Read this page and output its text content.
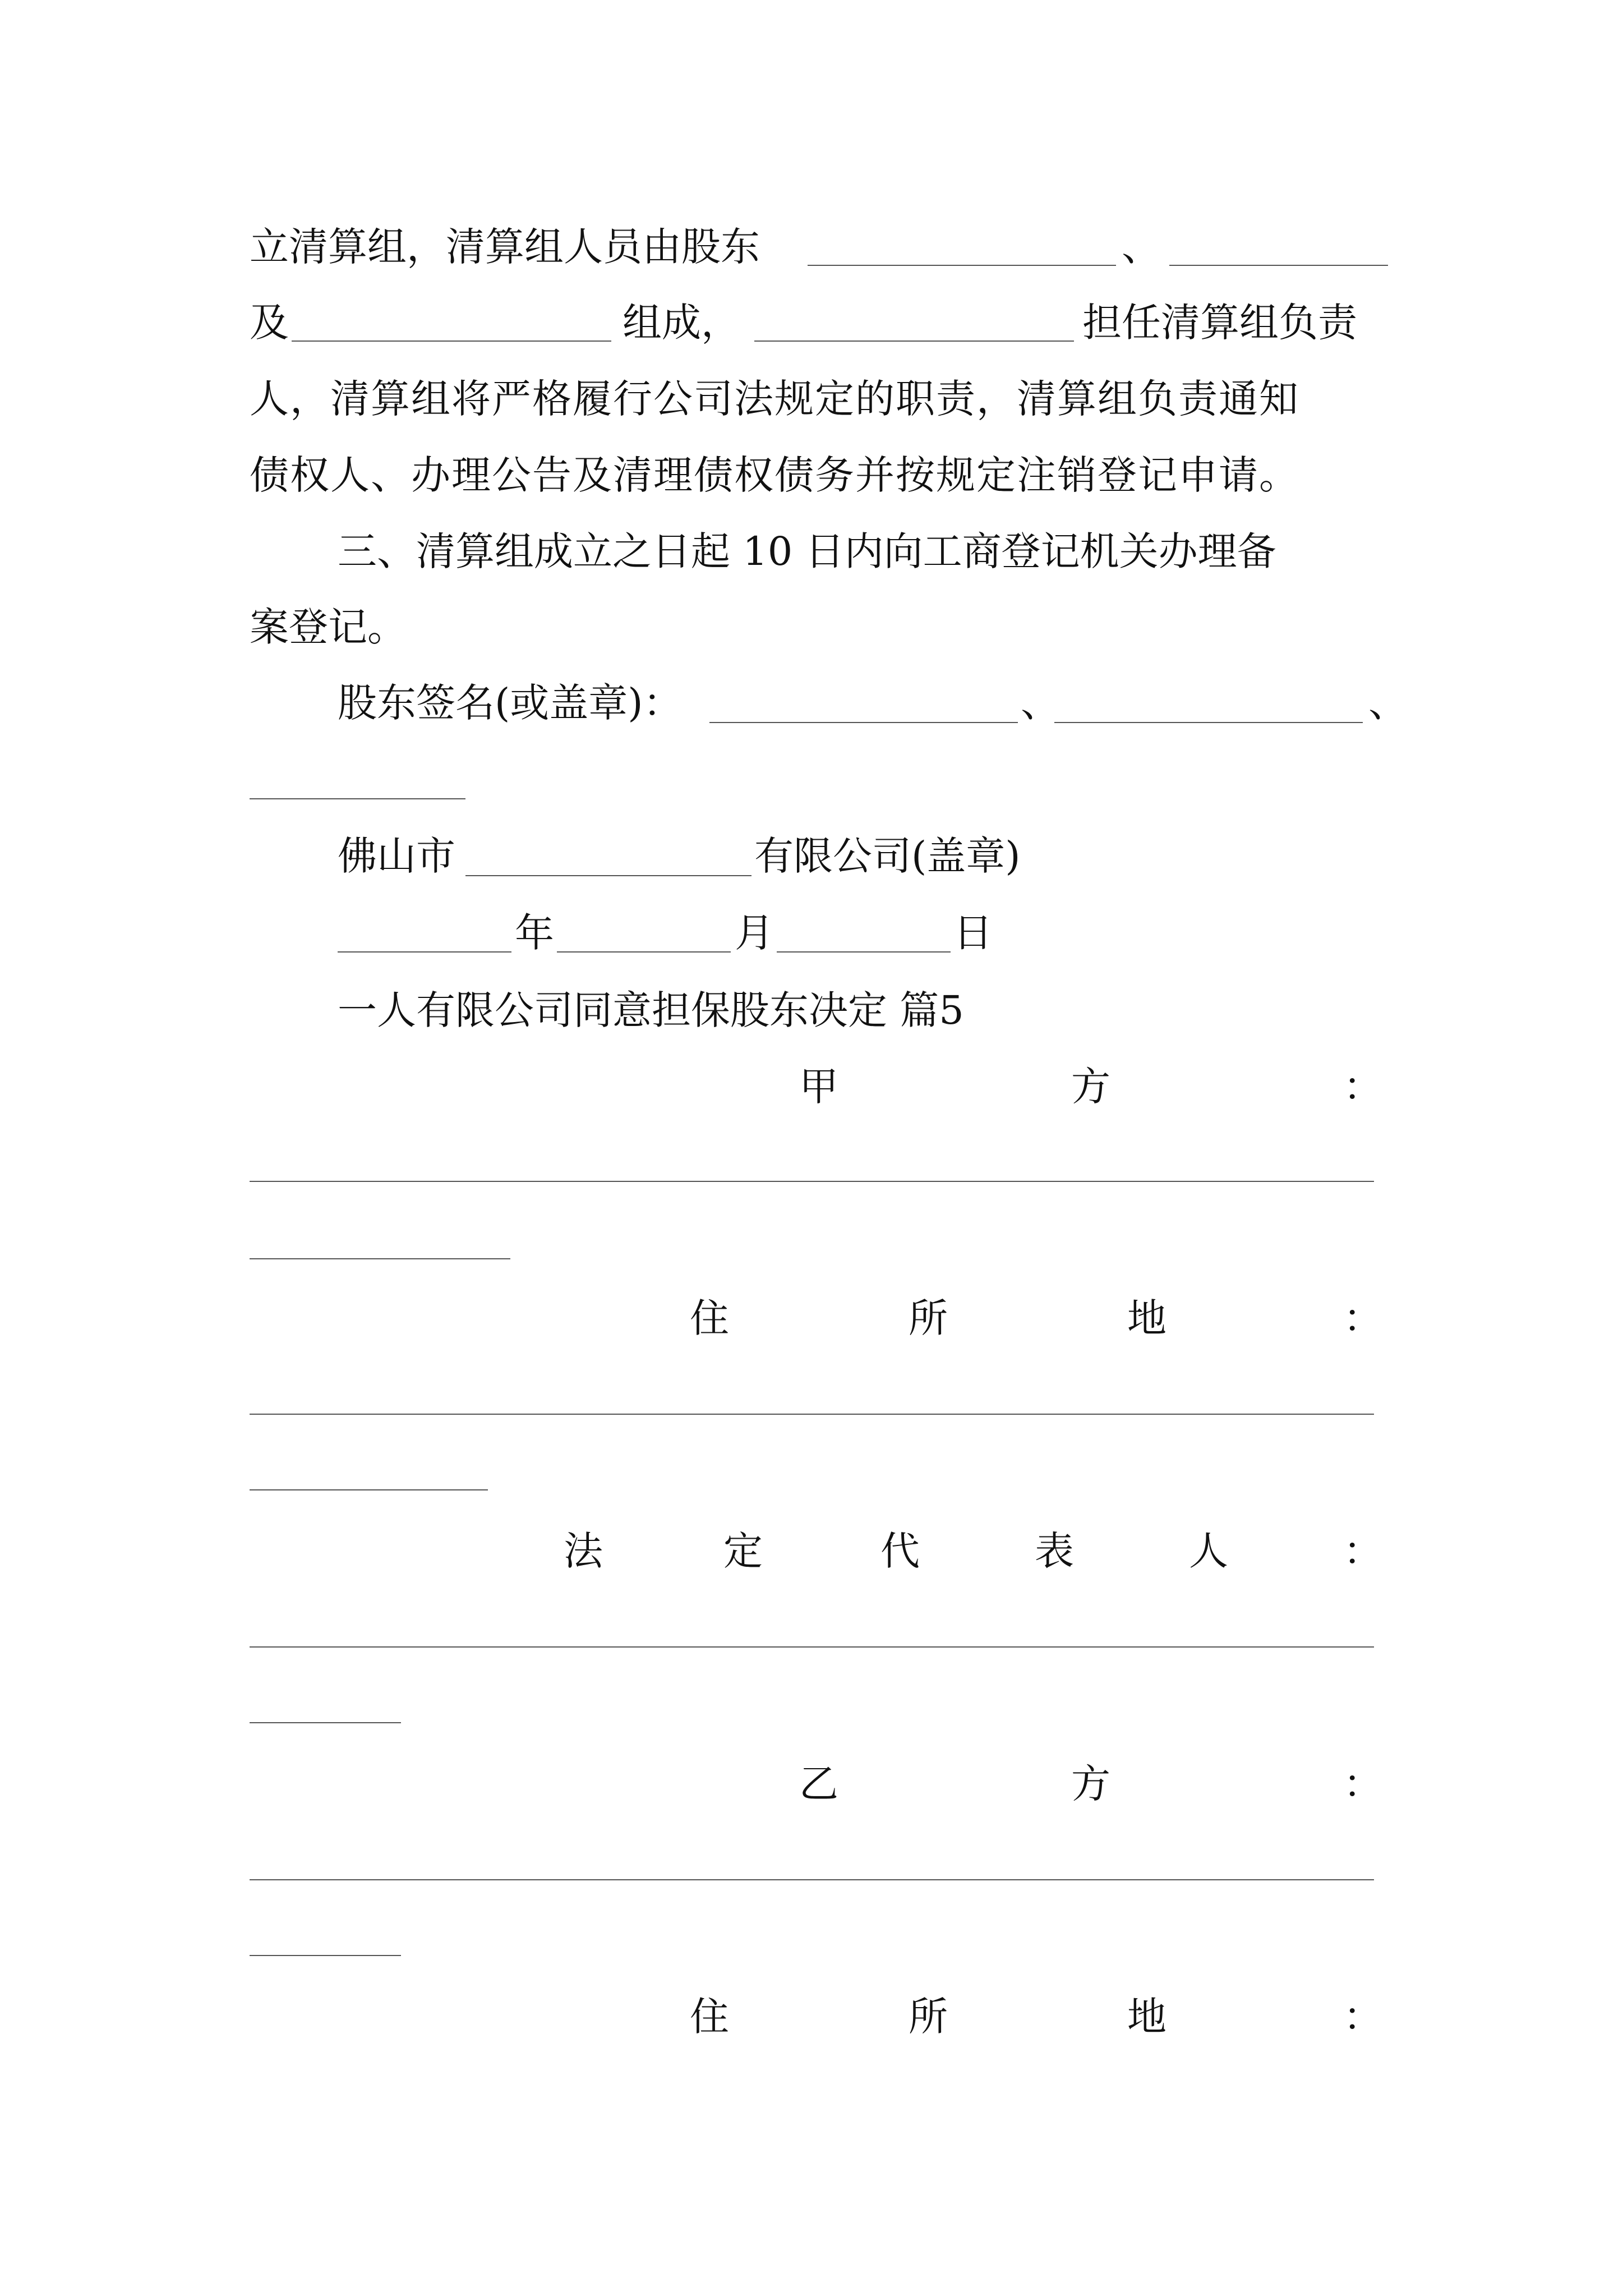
立清算组，清算组人员由股东	、
及	组成，	担任清算组负责
人，清算组将严格履行公司法规定的职责，清算组负责通知
债权人、办理公告及清理债权债务并按规定注销登记申请。
三、清算组成立之日起 10 日内向工商登记机关办理备
案登记。
股东签名(或盖章)：	、	、
佛山市	有限公司(盖章)
年	月	日
一人有限公司同意担保股东决定 篇5
甲	方	：
住	所	地	：
法	定	代	表	人	：
乙	方	：
住	所	地	：
